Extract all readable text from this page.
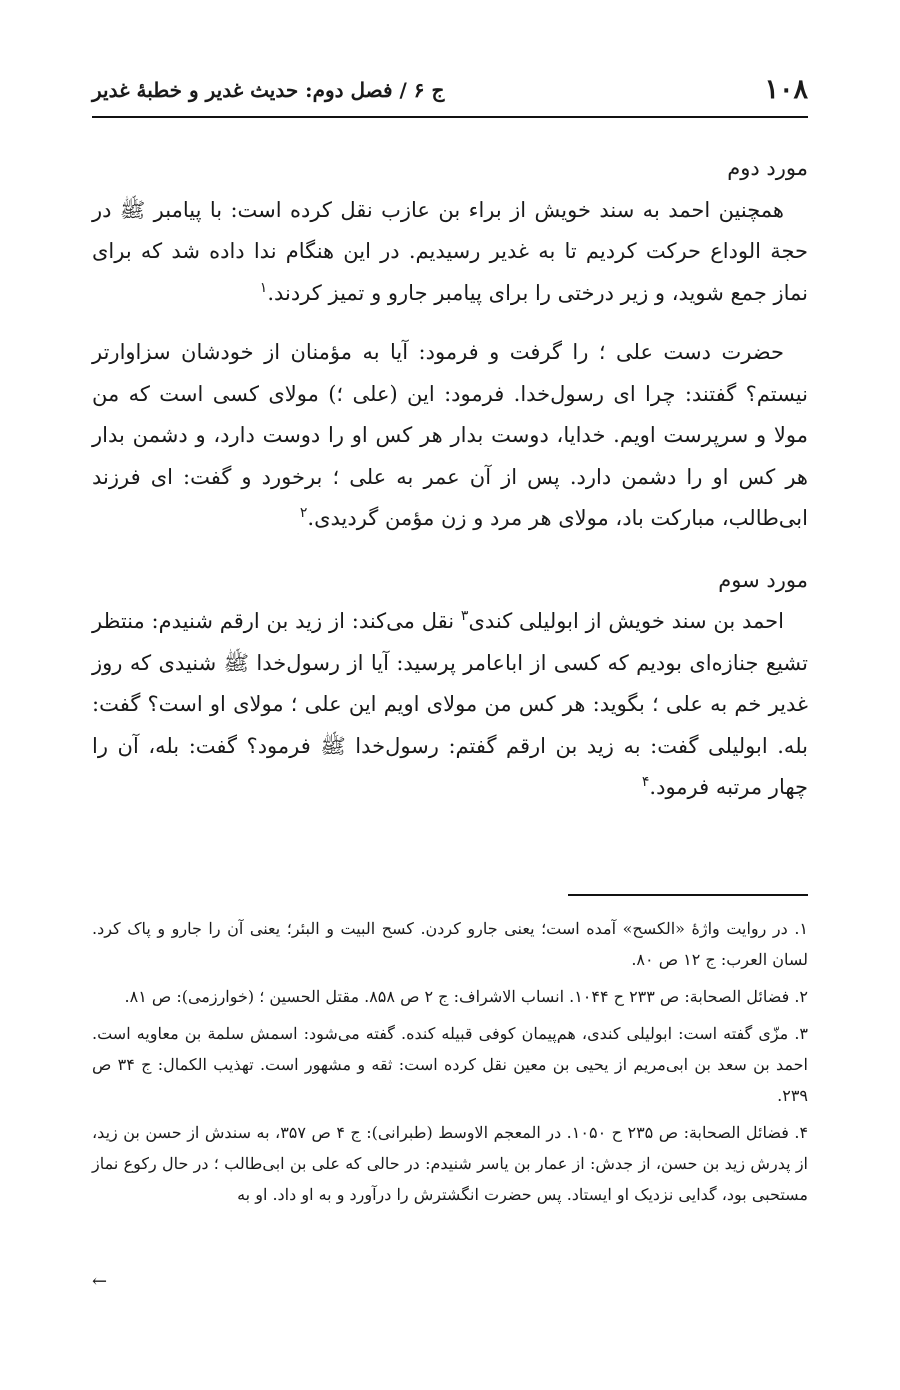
۱۰۸
ج ۶ / فصل دوم: حدیث غدیر و خطبهٔ غدیر

مورد دوم

همچنین احمد به سند خویش از براء بن عازب نقل کرده است: با پیامبر ﷺ در حجة الوداع حرکت کردیم تا به غدیر رسیدیم. در این هنگام ندا داده شد که برای نماز جمع شوید، و زیر درختی را برای پیامبر جارو و تمیز کردند.$^۱$

حضرت دست علی ؛ را گرفت و فرمود: آیا به مؤمنان از خودشان سزاوارتر نیستم؟ گفتند: چرا ای رسول‌خدا. فرمود: این (علی ؛) مولای کسی است که من مولا و سرپرست اویم. خدایا، دوست بدار هر کس او را دوست دارد، و دشمن بدار هر کس او را دشمن دارد. پس از آن عمر به علی ؛ برخورد و گفت: ای فرزند ابی‌طالب، مبارکت باد، مولای هر مرد و زن مؤمن گردیدی.$^۲$

مورد سوم

احمد بن سند خویش از ابولیلی کندی$^۳$ نقل می‌کند: از زید بن ارقم شنیدم: منتظر تشیع جنازه‌ای بودیم که کسی از اباعامر پرسید: آیا از رسول‌خدا ﷺ شنیدی که روز غدیر خم به علی ؛ بگوید: هر کس من مولای اویم این علی ؛ مولای او است؟ گفت: بله. ابولیلی گفت: به زید بن ارقم گفتم: رسول‌خدا ﷺ فرمود؟ گفت: بله، آن را چهار مرتبه فرمود.$^۴$

۱. در روایت واژهٔ «الکسح» آمده است؛ یعنی جارو کردن. کسح البیت و البئر؛ یعنی آن را جارو و پاک کرد. لسان العرب: ج ۱۲ ص ۸۰.

۲. فضائل الصحابة: ص ۲۳۳ ح ۱۰۴۴. انساب الاشراف: ج ۲ ص ۸۵۸. مقتل الحسین ؛ (خوارزمی): ص ۸۱.

۳. مزّی گفته است: ابولیلی کندی، هم‌پیمان کوفی قبیله کنده. گفته می‌شود: اسمش سلمة بن معاویه است. احمد بن سعد بن ابی‌مریم از یحیی بن معین نقل کرده است: ثقه و مشهور است. تهذیب الکمال: ج ۳۴ ص ۲۳۹.

۴. فضائل الصحابة: ص ۲۳۵ ح ۱۰۵۰. در المعجم الاوسط (طبرانی): ج ۴ ص ۳۵۷، به سندش از حسن بن زید، از پدرش زید بن حسن، از جدش: از عمار بن یاسر شنیدم: در حالی که علی بن ابی‌طالب ؛ در حال رکوع نماز مستحبی بود، گدایی نزدیک او ایستاد. پس حضرت انگشترش را درآورد و به او داد. او به

←
